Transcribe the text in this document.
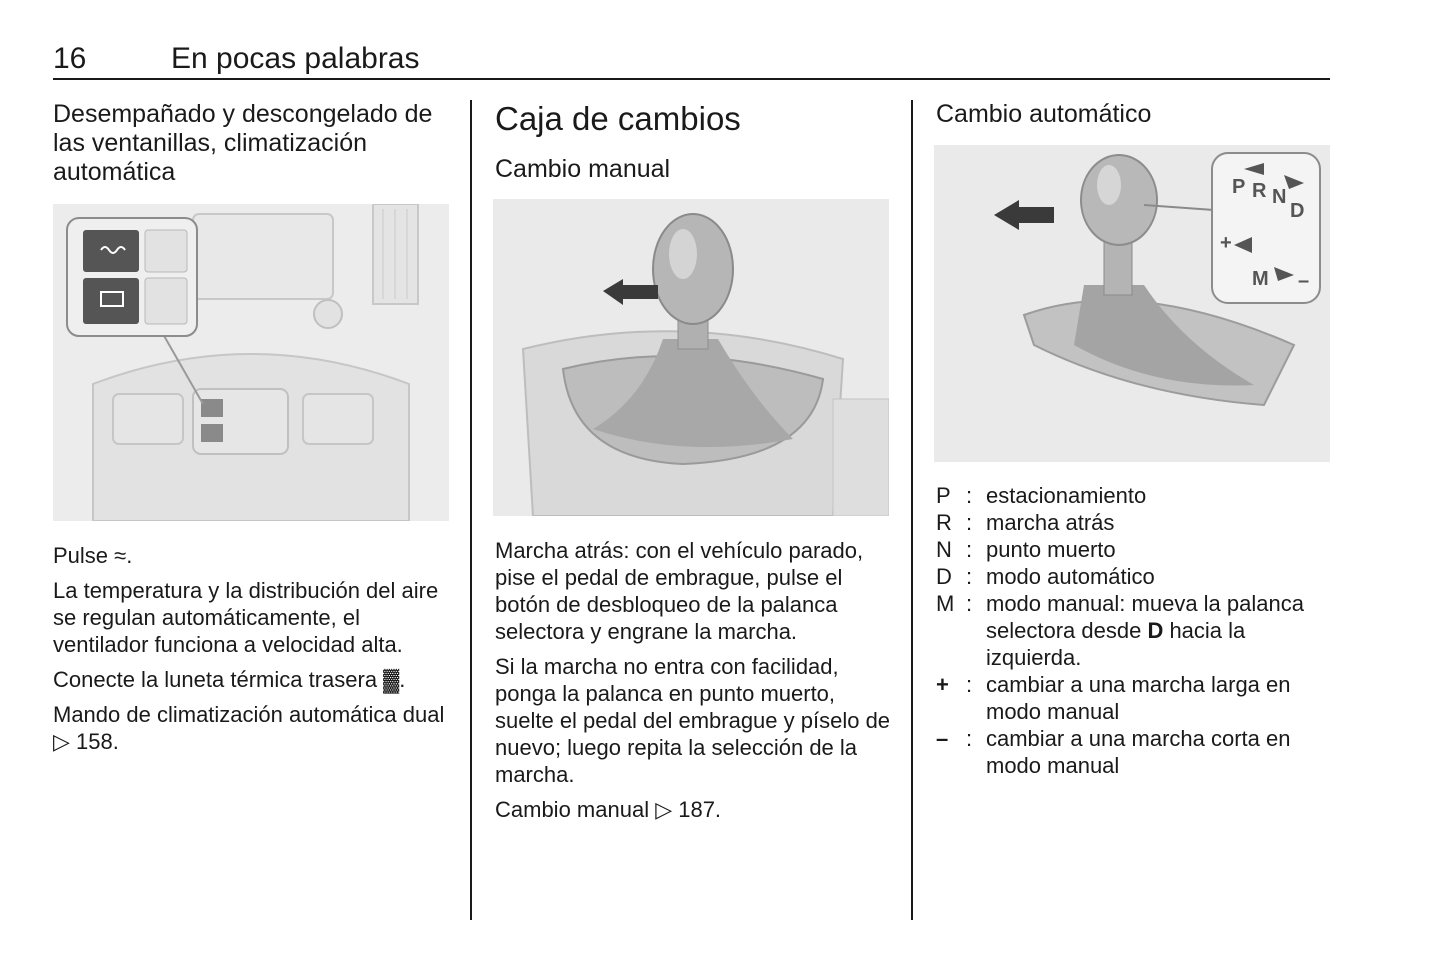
16	En pocas palabras
Desempañado y descongelado de las ventanillas, climatización automática

Pulse ≈.

La temperatura y la distribución del aire se regulan automáticamente, el ventilador funciona a velocidad alta.

Conecte la luneta térmica trasera ▓.

Mando de climatización automática dual ▷ 158.

Caja de cambios
Cambio manual

Marcha atrás: con el vehículo parado, pise el pedal de embrague, pulse el botón de desbloqueo de la palanca selectora y engrane la marcha.

Si la marcha no entra con facilidad, ponga la palanca en punto muerto, suelte el pedal del embrague y píselo de nuevo; luego repita la selección de la marcha.

Cambio manual ▷ 187.

Cambio automático
P R N
D
M
+
–
P : estacionamiento
R : marcha atrás
N : punto muerto
D : modo automático
M : modo manual: mueva la palanca selectora desde D hacia la izquierda.
+ : cambiar a una marcha larga en modo manual
– : cambiar a una marcha corta en modo manual
